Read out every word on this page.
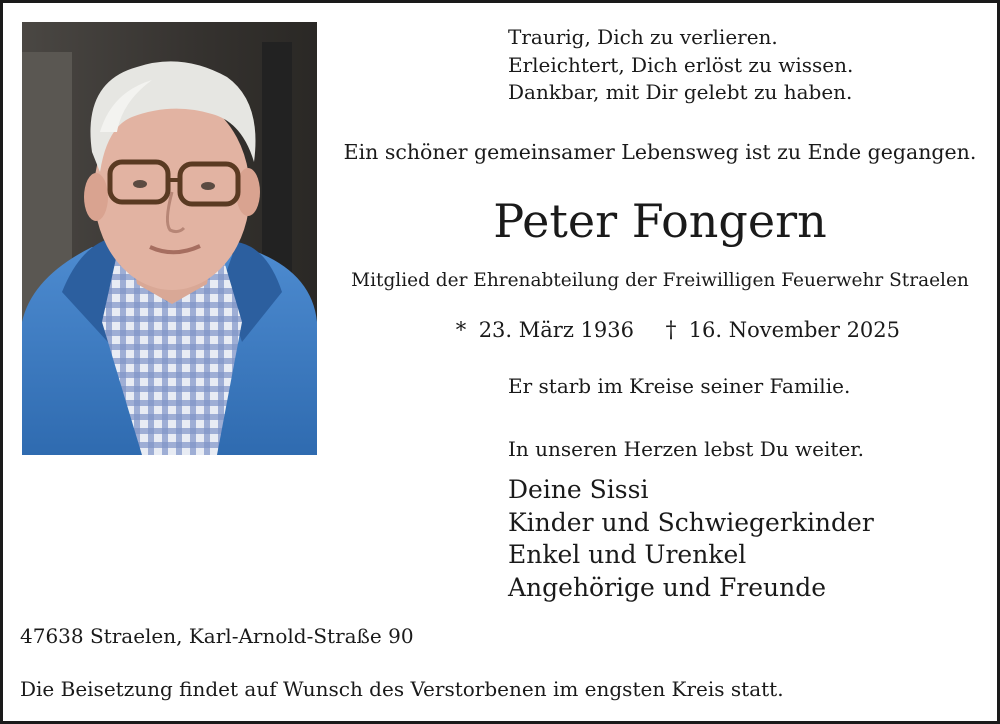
Traurig, Dich zu verlieren.
Erleichtert, Dich erlöst zu wissen.
Dankbar, mit Dir gelebt zu haben.
Ein schöner gemeinsamer Lebensweg ist zu Ende gegangen.
Peter Fongern
Mitglied der Ehrenabteilung der Freiwilligen Feuerwehr Straelen
* 23. März 1936 † 16. November 2025
Er starb im Kreise seiner Familie.
In unseren Herzen lebst Du weiter.
Deine Sissi
Kinder und Schwiegerkinder
Enkel und Urenkel
Angehörige und Freunde
47638 Straelen, Karl-Arnold-Straße 90
Die Beisetzung findet auf Wunsch des Verstorbenen im engsten Kreis statt.
